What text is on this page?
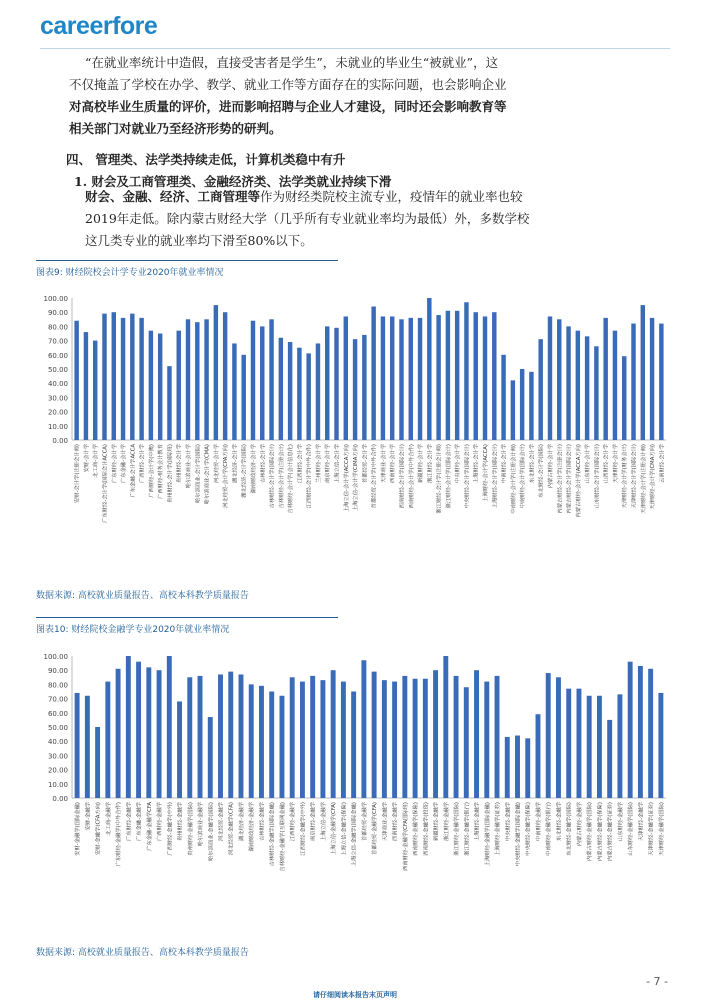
careerfore
“在就业率统计中造假，直接受害者是学生”，未就业的毕业生“被就业”，这
不仅掩盖了学校在办学、教学、就业工作等方面存在的实际问题，也会影响企业
对高校毕业生质量的评价，进而影响招聘与企业人才建设，同时还会影响教育等
相关部门对就业乃至经济形势的研判。
四、 管理类、法学类持续走低，计算机类稳中有升
1. 财会及工商管理类、金融经济类、法学类就业持续下滑
财会、金融、经济、工商管理等作为财经类院校主流专业，疫情年的就业率也较
2019年走低。除内蒙古财经大学（几乎所有专业就业率均为最低）外，多数学校
这几类专业的就业率均下滑至80%以下。
图表9: 财经院校会计学专业2020年就业率情况
0.00
10.00
20.00
30.00
40.00
50.00
60.00
70.00
80.00
90.00
100.00
安财-会计学(注册会计师) 安财-会计学 北工商-会计学 广东财经-会计学(国际会计ACCA) 广东财经-会计学 广东金融-会计学 广东金融-会计学ACCA 广西财经-会计学 广西财经-会计学(中澳) 广西财经-财务会计教育 贵州财经-会计学(国际班) 贵州财经-会计学 哈尔滨商业-会计学 哈尔滨商业-会计学(国际) 哈尔滨商业-会计学(CMA) 河北经贸-会计学 河北经贸-会计学(CPA方向) 湖北经济-会计学 湖北经济-会计学(国际) 湖南财政经济-会计学 吉林财经-会计学 吉林财经-会计学(国际会计) 吉林财经-会计学(注册会计) 吉林财经-会计学(会计信息化) 江西财经-会计学 江西财经-会计学(中外合作) 兰州财经-会计学 南京财经-会计学 上海立信-会计学 上海立信-会计学(ACCA方向) 上海立信-会计学(CIMA方向) 首都经贸-会计学 首都经贸-会计学(中外合作) 天津商业-会计学 西南财经-会计学 西南财经-会计学(国际会计) 西南财经-会计学(中外合作) 新疆财经-会计学 浙江财经-会计学 浙江财经-会计学(注册会计师) 浙江财经-会计学(国际会计) 中央财经-会计学 中央财经-会计学(国际会计) 上海财经-会计学 上海财经-会计学(ACCA) 上海财经-会计学(国际会计) 中南财经-会计学 中南财经-会计学(注册会计师) 中南财经-会计学(国际会计) 东北财经-会计学 东北财经-会计学(国际) 内蒙古财经-会计学 内蒙古财经-会计学(注册会计) 内蒙古财经-会计学(国际会计) 内蒙古财经-会计学(ACCA方向) 山东财经-会计学 山东财经-会计学(国际会计) 山西财经-会计学 天津财经-会计学 天津财经-会计学(财务会计) 天津财经-会计学(国际会计) 天津财经-会计学(注册会计师) 天津财经-会计学(CMA方向) 云南财经-会计学
数据来源: 高校就业质量报告、高校本科教学质量报告
图表10: 财经院校金融学专业2020年就业率情况
0.00
10.00
20.00
30.00
40.00
50.00
60.00
70.00
80.00
90.00
100.00
安财-金融学(国际金融) 安财-金融学 安财-金融学(CFA方向) 北工商-金融学 广东财经-金融学(中外合作) 广东财经-金融学 广东金融-金融学 广东金融-金融学CFA 广西财经-金融学 广西财经-金融学(中外) 贵州财经-金融学 贵州财经-金融学(国际) 哈尔滨商业-金融学 哈尔滨商业-金融学(国际) 河北经贸-金融学 河北经贸-金融学(CFA) 湖北经济-金融学 湖南财政经济-金融学 吉林财经-金融学 吉林财经-金融学(国际金融) 吉林财经-金融学(互联网金融) 江西财经-金融学 江西财经-金融学(中外) 南京财经-金融学 上海立信-金融学 上海立信-金融学(CFA) 上海立信-金融学(保险) 上海立信-金融学(国际金融) 首都经贸-金融学 首都经贸-金融学(CFA) 天津商业-金融学 西南财经-金融学 西南财经-金融学(CFA国际班) 西南财经-金融学(保险) 西南财经-金融学(投资) 新疆财经-金融学 浙江财经-金融学 浙江财经-金融学(国际) 浙江财经-金融学(银行) 上海财经-金融学 上海财经-金融学(国际金融) 上海财经-金融学(证券) 中央财经-金融学 中央财经-金融学(国际金融) 中央财经-金融学(保险) 中南财经-金融学 中南财经-金融学(银行) 东北财经-金融学 东北财经-金融学(国际) 内蒙古财经-金融学 内蒙古财经-金融学(国际) 内蒙古财经-金融学(保险) 内蒙古财经-金融学(证券) 山东财经-金融学 山东财经-金融学(国际) 天津财经-金融学 天津财经-金融学(证券) 天津财经-金融学(国际)
数据来源: 高校就业质量报告、高校本科教学质量报告
- 7 -
请仔细阅读本报告末页声明
